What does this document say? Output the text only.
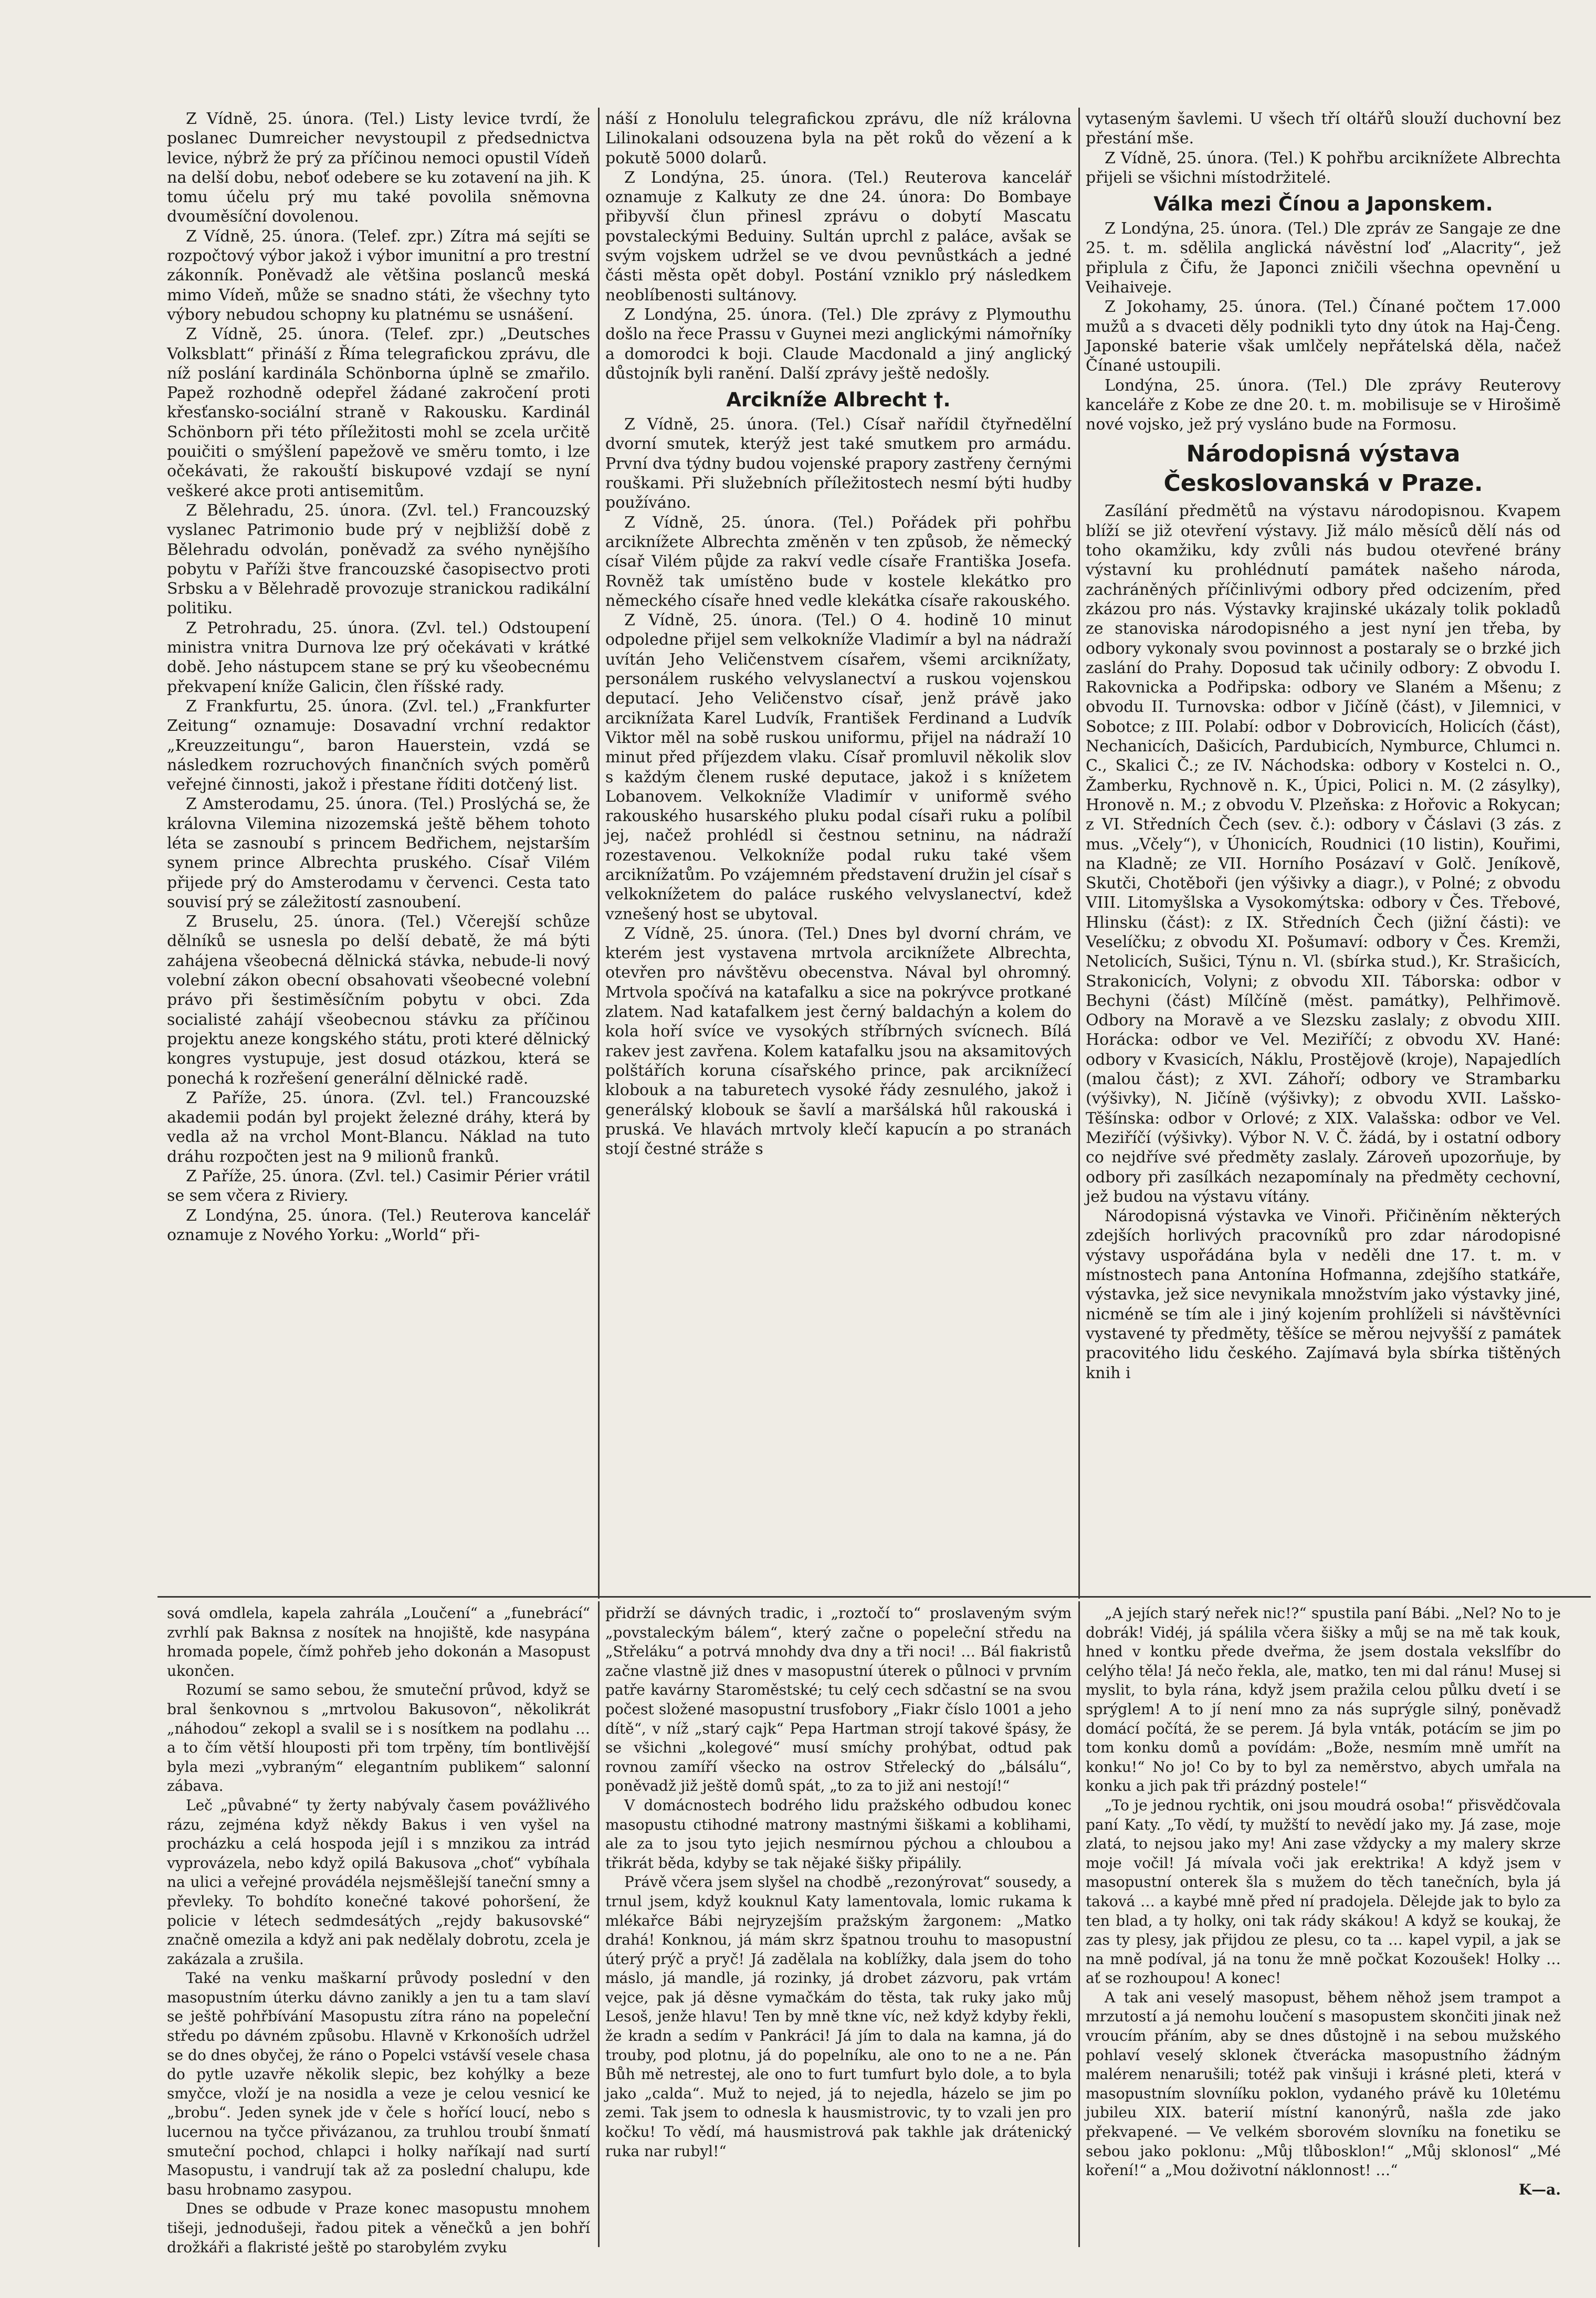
Z Vídně, 25. února. (Tel.) Listy levice tvrdí, že poslanec Dumreicher nevystoupil z předsednictva levice, nýbrž že prý za příčinou nemoci opustil Vídeň na delší dobu, neboť odebere se ku zotavení na jih. K tomu účelu prý mu také povolila sněmovna dvouměsíční dovolenou.

Z Vídně, 25. února. (Telef. zpr.) Zítra má sejíti se rozpočtový výbor jakož i výbor imunitní a pro trestní zákonník. Poněvadž ale většina poslanců meská mimo Vídeň, může se snadno státi, že všechny tyto výbory nebudou schopny ku platnému se usnášení.

Z Vídně, 25. února. (Telef. zpr.) „Deutsches Volksblatt“ přináší z Říma telegrafickou zprávu, dle níž poslání kardinála Schönborna úplně se zmařilo. Papež rozhodně odepřel žádané zakročení proti křesťansko-sociální straně v Rakousku. Kardinál Schönborn při této příležitosti mohl se zcela určitě pouičiti o smýšlení papežově ve směru tomto, i lze očekávati, že rakouští biskupové vzdají se nyní veškeré akce proti antisemitům.

Z Bělehradu, 25. února. (Zvl. tel.) Francouzský vyslanec Patrimonio bude prý v nejbližší době z Bělehradu odvolán, poněvadž za svého nynějšího pobytu v Paříži štve francouzské časopisectvo proti Srbsku a v Bělehradě provozuje stranickou radikální politiku.

Z Petrohradu, 25. února. (Zvl. tel.) Odstoupení ministra vnitra Durnova lze prý očekávati v krátké době. Jeho nástupcem stane se prý ku všeobecnému překvapení kníže Galicin, člen říšské rady.

Z Frankfurtu, 25. února. (Zvl. tel.) „Frankfurter Zeitung“ oznamuje: Dosavadní vrchní redaktor „Kreuzzeitungu“, baron Hauerstein, vzdá se následkem rozruchových finančních svých poměrů veřejné činnosti, jakož i přestane říditi dotčený list.

Z Amsterodamu, 25. února. (Tel.) Proslýchá se, že královna Vilemina nizozemská ještě během tohoto léta se zasnoubí s princem Bedřichem, nejstarším synem prince Albrechta pruského. Císař Vilém přijede prý do Amsterodamu v červenci. Cesta tato souvisí prý se záležitostí zasnoubení.

Z Bruselu, 25. února. (Tel.) Včerejší schůze dělníků se usnesla po delší debatě, že má býti zahájena všeobecná dělnická stávka, nebude-li nový volební zákon obecní obsahovati všeobecné volební právo při šestiměsíčním pobytu v obci. Zda socialisté zahájí všeobecnou stávku za příčinou projektu aneze kongského státu, proti které dělnický kongres vystupuje, jest dosud otázkou, která se ponechá k rozřešení generální dělnické radě.

Z Paříže, 25. února. (Zvl. tel.) Francouzské akademii podán byl projekt železné dráhy, která by vedla až na vrchol Mont-Blancu. Náklad na tuto dráhu rozpočten jest na 9 milionů franků.

Z Paříže, 25. února. (Zvl. tel.) Casimir Périer vrátil se sem včera z Riviery.

Z Londýna, 25. února. (Tel.) Reuterova kancelář oznamuje z Nového Yorku: „World“ při-

náší z Honolulu telegrafickou zprávu, dle níž královna Lilinokalani odsouzena byla na pět roků do vězení a k pokutě 5000 dolarů.

Z Londýna, 25. února. (Tel.) Reuterova kancelář oznamuje z Kalkuty ze dne 24. února: Do Bombaye přibyvší člun přinesl zprávu o dobytí Mascatu povstaleckými Beduiny. Sultán uprchl z paláce, avšak se svým vojskem udržel se ve dvou pevnůstkách a jedné části města opět dobyl. Postání vzniklo prý následkem neoblíbenosti sultánovy.

Z Londýna, 25. února. (Tel.) Dle zprávy z Plymouthu došlo na řece Prassu v Guynei mezi anglickými námořníky a domorodci k boji. Claude Macdonald a jiný anglický důstojník byli ranění. Další zprávy ještě nedošly.

Arcikníže Albrecht †.

Z Vídně, 25. února. (Tel.) Císař nařídil čtyřnedělní dvorní smutek, kterýž jest také smutkem pro armádu. První dva týdny budou vojenské prapory zastřeny černými rouškami. Při služebních příležitostech nesmí býti hudby používáno.

Z Vídně, 25. února. (Tel.) Pořádek při pohřbu arciknížete Albrechta změněn v ten způsob, že německý císař Vilém půjde za rakví vedle císaře Františka Josefa. Rovněž tak umístěno bude v kostele klekátko pro německého císaře hned vedle klekátka císaře rakouského.

Z Vídně, 25. února. (Tel.) O 4. hodině 10 minut odpoledne přijel sem velkokníže Vladimír a byl na nádraží uvítán Jeho Veličenstvem císařem, všemi arciknížaty, personálem ruského velvyslanectví a ruskou vojenskou deputací. Jeho Veličenstvo císař, jenž právě jako arciknížata Karel Ludvík, František Ferdinand a Ludvík Viktor měl na sobě ruskou uniformu, přijel na nádraží 10 minut před příjezdem vlaku. Císař promluvil několik slov s každým členem ruské deputace, jakož i s knížetem Lobanovem. Velkokníže Vladimír v uniformě svého rakouského husarského pluku podal císaři ruku a políbil jej, načež prohlédl si čestnou setninu, na nádraží rozestavenou. Velkokníže podal ruku také všem arciknížatům. Po vzájemném představení družin jel císař s velkoknížetem do paláce ruského velvyslanectví, kdež vznešený host se ubytoval.

Z Vídně, 25. února. (Tel.) Dnes byl dvorní chrám, ve kterém jest vystavena mrtvola arciknížete Albrechta, otevřen pro návštěvu obecenstva. Nával byl ohromný. Mrtvola spočívá na katafalku a sice na pokrývce protkané zlatem. Nad katafalkem jest černý baldachýn a kolem do kola hoří svíce ve vysokých stříbrných svícnech. Bílá rakev jest zavřena. Kolem katafalku jsou na aksamitových polštářích koruna císařského prince, pak arciknížecí klobouk a na taburetech vysoké řády zesnulého, jakož i generálský klobouk se šavlí a maršálská hůl rakouská i pruská. Ve hlavách mrtvoly klečí kapucín a po stranách stojí čestné stráže s

vytaseným šavlemi. U všech tří oltářů slouží duchovní bez přestání mše.

Z Vídně, 25. února. (Tel.) K pohřbu arciknížete Albrechta přijeli se všichni místodržitelé.

Válka mezi Čínou a Japonskem.

Z Londýna, 25. února. (Tel.) Dle zpráv ze Sangaje ze dne 25. t. m. sdělila anglická návěstní loď „Alacrity“, jež připlula z Čifu, že Japonci zničili všechna opevnění u Veihaiveje.

Z Jokohamy, 25. února. (Tel.) Čínané počtem 17.000 mužů a s dvaceti děly podnikli tyto dny útok na Haj-Čeng. Japonské baterie však umlčely nepřátelská děla, načež Čínané ustoupili.

Londýna, 25. února. (Tel.) Dle zprávy Reuterovy kanceláře z Kobe ze dne 20. t. m. mobilisuje se v Hirošimě nové vojsko, jež prý vysláno bude na Formosu.

Národopisná výstava Českoslovanská v Praze.

Zasílání předmětů na výstavu národopisnou. Kvapem blíží se již otevření výstavy. Již málo měsíců dělí nás od toho okamžiku, kdy zvůli nás budou otevřené brány výstavní ku prohlédnutí památek našeho národa, zachráněných příčinlivými odbory před odcizením, před zkázou pro nás. Výstavky krajinské ukázaly tolik pokladů ze stanoviska národopisného a jest nyní jen třeba, by odbory vykonaly svou povinnost a postaraly se o brzké jich zaslání do Prahy. Doposud tak učinily odbory: Z obvodu I. Rakovnicka a Podřipska: odbory ve Slaném a Mšenu; z obvodu II. Turnovska: odbor v Jičíně (část), v Jilemnici, v Sobotce; z III. Polabí: odbor v Dobrovicích, Holicích (část), Nechanicích, Dašicích, Pardubicích, Nymburce, Chlumci n. C., Skalici Č.; ze IV. Náchodska: odbory v Kostelci n. O., Žamberku, Rychnově n. K., Úpici, Polici n. M. (2 zásylky), Hronově n. M.; z obvodu V. Plzeňska: z Hořovic a Rokycan; z VI. Středních Čech (sev. č.): odbory v Čáslavi (3 zás. z mus. „Včely“), v Úhonicích, Roudnici (10 listin), Kouřimi, na Kladně; ze VII. Horního Posázaví v Golč. Jeníkově, Skutči, Chotěboři (jen výšivky a diagr.), v Polné; z obvodu VIII. Litomyšlska a Vysokomýtska: odbory v Čes. Třebové, Hlinsku (část): z IX. Středních Čech (jižní části): ve Veselíčku; z obvodu XI. Pošumaví: odbory v Čes. Kremži, Netolicích, Sušici, Týnu n. Vl. (sbírka stud.), Kr. Strašicích, Strakonicích, Volyni; z obvodu XII. Táborska: odbor v Bechyni (část) Mílčíně (měst. památky), Pelhřimově. Odbory na Moravě a ve Slezsku zaslaly; z obvodu XIII. Horácka: odbor ve Vel. Meziříčí; z obvodu XV. Hané: odbory v Kvasicích, Náklu, Prostějově (kroje), Napajedlích (malou část); z XVI. Záhoří; odbory ve Strambarku (výšivky), N. Jičíně (výšivky); z obvodu XVII. Lašsko-Těšínska: odbor v Orlové; z XIX. Valašska: odbor ve Vel. Meziříčí (výšivky). Výbor N. V. Č. žádá, by i ostatní odbory co nejdříve své předměty zaslaly. Zároveň upozorňuje, by odbory při zasílkách nezapomínaly na předměty cechovní, jež budou na výstavu vítány.

Národopisná výstavka ve Vinoři. Přičiněním některých zdejších horlivých pracovníků pro zdar národopisné výstavy uspořádána byla v neděli dne 17. t. m. v místnostech pana Antonína Hofmanna, zdejšího statkáře, výstavka, jež sice nevynikala množstvím jako výstavky jiné, nicméně se tím ale i jiný kojením prohlíželi si návštěvníci vystavené ty předměty, těšíce se měrou nejvyšší z památek pracovitého lidu českého. Zajímavá byla sbírka tištěných knih i

sová omdlela, kapela zahrála „Loučení“ a „funebrácí“ zvrhlí pak Baknsa z nosítek na hnojiště, kde nasypána hromada popele, čímž pohřeb jeho dokonán a Masopust ukončen.

Rozumí se samo sebou, že smuteční průvod, když se bral šenkovnou s „mrtvolou Bakusovon“, několikrát „náhodou“ zekopl a svalil se i s nosítkem na podlahu … a to čím větší hlouposti při tom trpěny, tím bontlivější byla mezi „vybraným“ elegantním publikem“ salonní zábava.

Leč „půvabné“ ty žerty nabývaly časem povážlivého rázu, zejména když někdy Bakus i ven vyšel na procházku a celá hospoda jejíl i s mnzikou za intrád vyprovázela, nebo když opilá Bakusova „choť“ vybíhala na ulici a veřejné provádéla nejsměšlejší taneční smny a převleky. To bohdíto konečné takové pohoršení, že policie v létech sedmdesátých „rejdy bakusovské“ značně omezila a když ani pak nedělaly dobrotu, zcela je zakázala a zrušila.

Také na venku maškarní průvody poslední v den masopustním úterku dávno zanikly a jen tu a tam slaví se ještě pohřbívání Masopustu zítra ráno na popeleční středu po dávném způsobu. Hlavně v Krkonoších udržel se do dnes obyčej, že ráno o Popelci vstávší vesele chasa do pytle uzavře několik slepic, bez kohýlky a beze smyčce, vloží je na nosidla a veze je celou vesnicí ke „brobu“. Jeden synek jde v čele s hořící loucí, nebo s lucernou na tyčce přivázanou, za truhlou troubí šnmatí smuteční pochod, chlapci i holky naříkají nad surtí Masopustu, i vandrují tak až za poslední chalupu, kde basu hrobnamo zasypou.

Dnes se odbude v Praze konec masopustu mnohem tišeji, jednodušeji, řadou pitek a věnečků a jen bohří drožkáři a flakristé ještě po starobylém zvyku

přidrží se dávných tradic, i „roztočí to“ proslaveným svým „povstaleckým bálem“, který začne o popeleční středu na „Střeláku“ a potrvá mnohdy dva dny a tři noci! … Bál fiakristů začne vlastně již dnes v masopustní úterek o půlnoci v prvním patře kavárny Staroměstské; tu celý cech sdčastní se na svou počest složené masopustní trusfobory „Fiakr číslo 1001 a jeho dítě“, v níž „starý cajk“ Pepa Hartman strojí takové špásy, že se všichni „kolegové“ musí smíchy prohýbat, odtud pak rovnou zamíří všecko na ostrov Střelecký do „bálsálu“, poněvadž již ještě domů spát, „to za to již ani nestojí!“

V domácnostech bodrého lidu pražského odbudou konec masopustu ctihodné matrony mastnými šiškami a koblihami, ale za to jsou tyto jejich nesmírnou pýchou a chloubou a třikrát běda, kdyby se tak nějaké šišky připálily.

Právě včera jsem slyšel na chodbě „rezonýrovat“ sousedy, a trnul jsem, když kouknul Katy lamentovala, lomic rukama k mlékařce Bábi nejryzejším pražským žargonem: „Matko drahá! Konknou, já mám skrz špatnou trouhu to masopustní úterý prýč a pryč! Já zadělala na koblížky, dala jsem do toho máslo, já mandle, já rozinky, já drobet zázvoru, pak vrtám vejce, pak já děsne vymačkám do těsta, tak ruky jako můj Lesoš, jenže hlavu! Ten by mně tkne víc, než když kdyby řekli, že kradn a sedím v Pankráci! Já jím to dala na kamna, já do trouby, pod plotnu, já do popelníku, ale ono to ne a ne. Pán Bůh mě netrestej, ale ono to furt tumfurt bylo dole, a to byla jako „calda“. Muž to nejed, já to nejedla, házelo se jim po zemi. Tak jsem to odnesla k hausmistrovic, ty to vzali jen pro kočku! To vědí, má hausmistrová pak takhle jak drátenický ruka nar rubyl!“

„A jejích starý neřek nic!?“ spustila paní Bábi. „Nel? No to je dobrák! Vidéj, já spálila včera šišky a můj se na mě tak kouk, hned v kontku přede dveřma, že jsem dostala vekslfíbr do celýho těla! Já nečo řekla, ale, matko, ten mi dal ránu! Musej si myslit, to byla rána, když jsem pražila celou půlku dvetí i se sprýglem! A to jí není mno za nás suprýgle silný, poněvadž domácí počítá, že se perem. Já byla vnták, potácím se jim po tom konku domů a povídám: „Bože, nesmím mně umřít na konku!“ No jo! Co by to byl za neměrstvo, abych umřala na konku a jich pak tři prázdný postele!“

„To je jednou rychtik, oni jsou moudrá osoba!“ přisvědčovala paní Katy. „To vědí, ty mužští to nevědí jako my. Já zase, moje zlatá, to nejsou jako my! Ani zase vždycky a my malery skrze moje vočil! Já mívala voči jak erektrika! A když jsem v masopustní onterek šla s mužem do těch tanečních, byla já taková … a kaybé mně před ní pradojela. Dělejde jak to bylo za ten blad, a ty holky, oni tak rády skákou! A když se koukaj, že zas ty plesy, jak přijdou ze plesu, co ta … kapel vypil, a jak se na mně podíval, já na tonu že mně počkat Kozoušek! Holky … ať se rozhoupou! A konec!

A tak ani veselý masopust, během něhož jsem trampot a mrzutostí a já nemohu loučení s masopustem skončiti jinak než vroucím přáním, aby se dnes důstojně i na sebou mužského pohlaví veselý sklonek čtverácka masopustního žádným malérem nenarušili; totéž pak vinšuji i krásné pleti, která v masopustním slovnííku poklon, vydaného právě ku 10letému jubileu XIX. baterií místní kanonýrů, našla zde jako překvapené. — Ve velkém sborovém slovníku na fonetiku se sebou jako poklonu: „Můj tlůbosklon!“ „Můj sklonosl“ „Mé koření!“ a „Mou doživotní náklonnost! …“

K—a.
